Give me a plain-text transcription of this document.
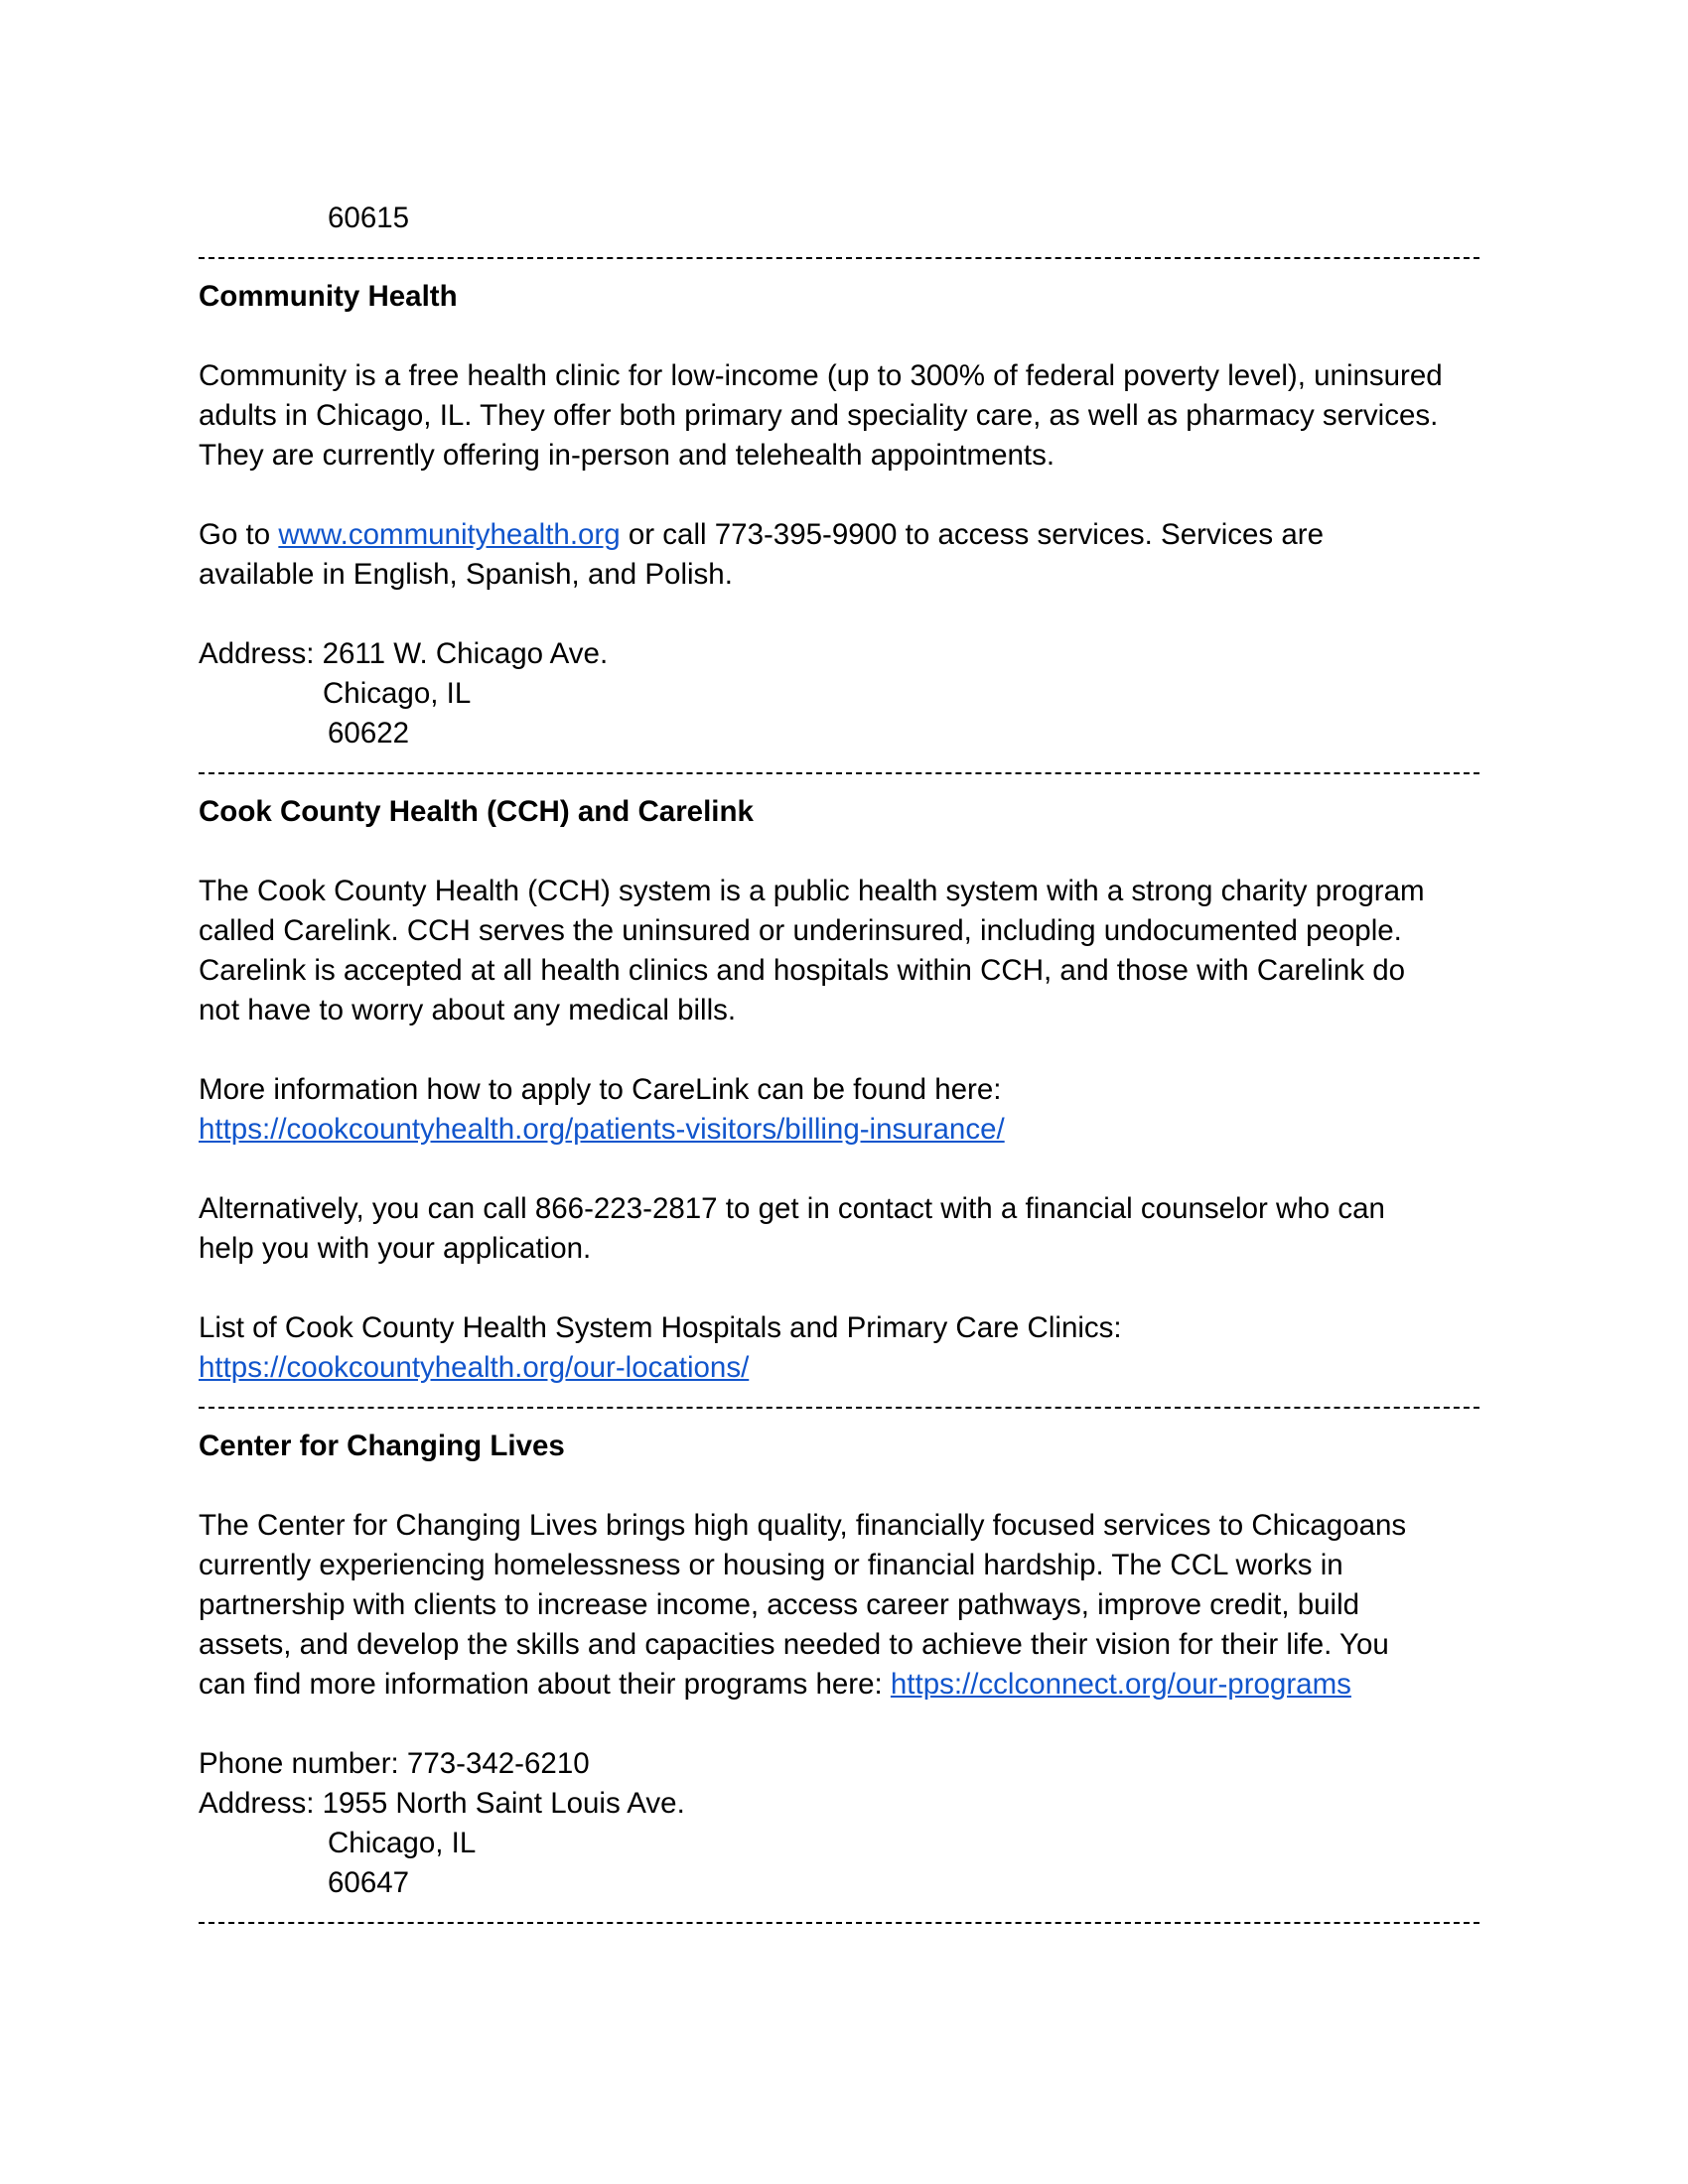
60615
Community Health
Community is a free health clinic for low-income (up to 300% of federal poverty level), uninsured
adults in Chicago, IL. They offer both primary and speciality care, as well as pharmacy services.
They are currently offering in-person and telehealth appointments.
Go to www.communityhealth.org or call 773-395-9900 to access services. Services are
available in English, Spanish, and Polish.
Address: 2611 W. Chicago Ave.
Chicago, IL
60622
Cook County Health (CCH) and Carelink
The Cook County Health (CCH) system is a public health system with a strong charity program
called Carelink. CCH serves the uninsured or underinsured, including undocumented people.
Carelink is accepted at all health clinics and hospitals within CCH, and those with Carelink do
not have to worry about any medical bills.
More information how to apply to CareLink can be found here:
https://cookcountyhealth.org/patients-visitors/billing-insurance/
Alternatively, you can call 866-223-2817 to get in contact with a financial counselor who can
help you with your application.
List of Cook County Health System Hospitals and Primary Care Clinics:
https://cookcountyhealth.org/our-locations/
Center for Changing Lives
The Center for Changing Lives brings high quality, financially focused services to Chicagoans
currently experiencing homelessness or housing or financial hardship. The CCL works in
partnership with clients to increase income, access career pathways, improve credit, build
assets, and develop the skills and capacities needed to achieve their vision for their life. You
can find more information about their programs here: https://cclconnect.org/our-programs
Phone number: 773-342-6210
Address: 1955 North Saint Louis Ave.
Chicago, IL
60647
